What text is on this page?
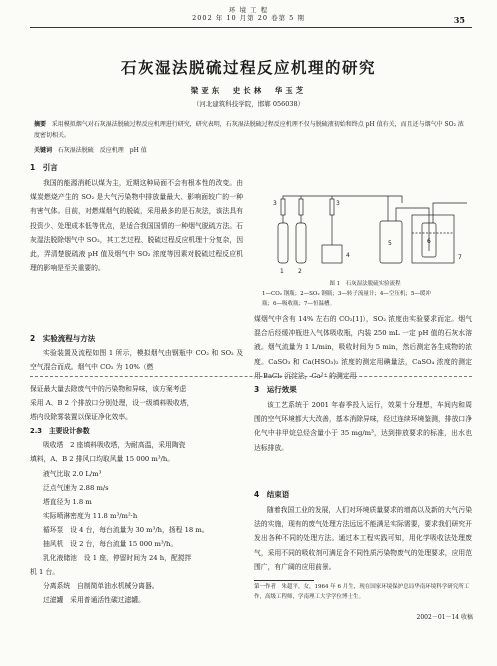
环 境 工 程
2002 年 10 月第 20 卷第 5 期	35
石灰湿法脱硫过程反应机理的研究
梁亚东　史长林　华玉芝
（河北建筑科技学院，邯郸 056038）
摘要 采用模拟烟气对石灰湿法脱硫过程反应机理进行研究，研究表明，石灰湿法脱硫过程反应机理不仅与脱硫液初始和终点 pH 值有关，而且还与烟气中 SO₂ 浓度密切相关。
关键词 石灰湿法脱硫　反应机理　pH 值
1　引言

我国的能源消耗以煤为主，近期这种局面不会有根本性的改变。由煤炭燃烧产生的 SO₂ 是大气污染物中排放量最大、影响面较广的一种有害气体。目前，对燃煤烟气的脱硫，采用最多的是石灰法，该法具有投资少、处理成本低等优点，是适合我国国情的一种烟气脱硫方法。石灰湿法脱除烟气中 SO₂，其工艺过程、脱硫过程反应机理十分复杂，因此，弄清楚脱硫液 pH 值及烟气中 SO₂ 浓度等因素对脱硫过程反应机理的影响是至关重要的。

2　实验流程与方法

实验装置及流程如图 1 所示，模拟烟气由钢瓶中 CO₂ 和 SO₂ 及空气混合而成。烟气中 CO₂ 为 10%（燃

1 2
3	3
4
5	6
7
图 1　石灰湿法脱硫实验流程
1—CO₂ 钢瓶；2—SO₂ 钢瓶；3—转子流量计；4—空压机；5—缓冲
瓶；6—吸收瓶；7—恒温槽。

煤烟气中含有 14% 左右的 CO₂[1]），SO₂ 浓度由实验要求而定。烟气混合后经缓冲瓶进入气体吸收瓶，内装 250 mL 一定 pH 值的石灰水溶液。烟气流量为 1 L/min，吸收时间为 5 min，然后测定各生成物的浓度。CaSO₃ 和 Ca(HSO₃)₂ 浓度的测定用碘量法，CaSO₄ 浓度的测定用 BaCl₂ 沉淀法，Ca²⁺ 的测定用

保证最大量去除废气中的污染物和异味，该方案考虑
采用 A、B 2 个排放口分别处理，设一级填料吸收塔，
塔内设除雾装置以保证净化效率。
2.3　主要设计参数
吸收塔　2 座填料吸收塔，为耐高温，采用陶瓷
填料，A、B 2 排风口均取风量 15 000 m³/h。
液气比取 2.0 L/m³
泛点气速为 2.88 m/s
塔直径为 1.8 m
实际喷淋密度为 11.8 m³/m²·h
循环泵　设 4 台，每台流量为 30 m³/h，扬程 18 m。
抽风机　设 2 台，每台流量 15 000 m³/h。
乳化液储池　设 1 座，停留时间为 24 h，配搅拌
机 1 台。
分离系统　自制简单油水机械分离器。
过滤罐　采用普通活性碳过滤罐。
3　运行效果

该工艺系统于 2001 年春季投入运行，效果十分理想，车间内和周围的空气环境都大大改善，基本消除异味，经过连续环境鉴测，排放口净化气中非甲烷总烃含量小于 35 mg/m³，达到排放要求的标准，出水也达标排放。

4　结束语

随着我国工业的发展，人们对环境质量要求的增高以及新的大气污染法的实施，现有的废气处理方法远远不能满足实际需要，要求我们研究开发出各种不同的处理方法。通过本工程实践可知，用化学吸收法处理废气，采用不同的吸收剂可满足含不同性质污染物废气的处理要求，应用范围广，有广阔的应用前景。

第一作者　朱超平，女，1964 年 6 月生，现在国家环境保护总局华南环境科学研究所工作，高级工程师，学南理工大学学位博士生。
2002－01－14 收稿
